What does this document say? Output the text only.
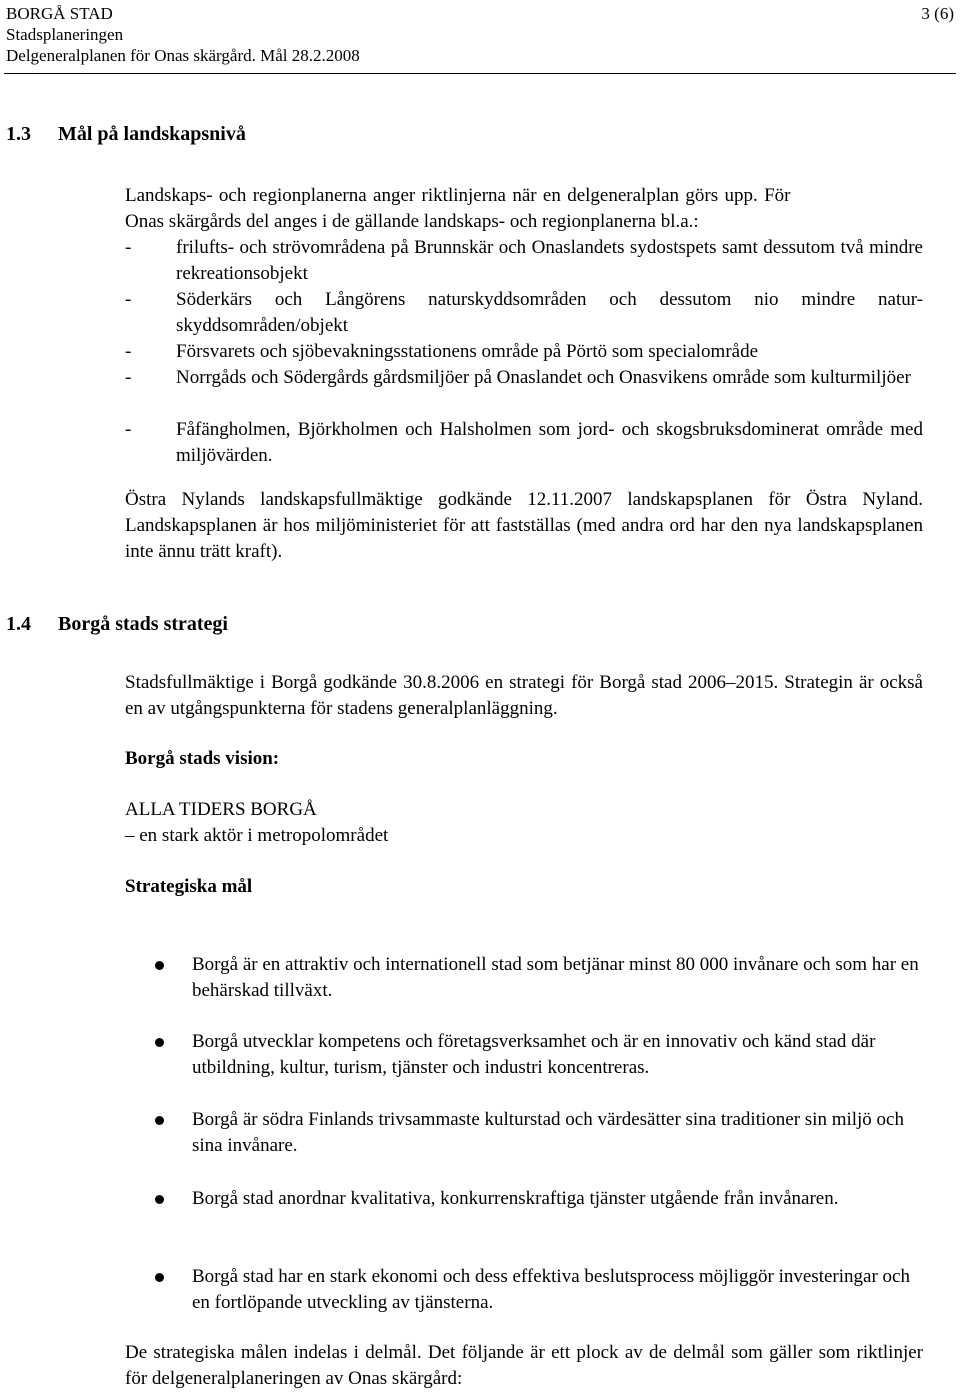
BORGÅ STAD
Stadsplaneringen
Delgeneralplanen för Onas skärgård. Mål 28.2.2008
3 (6)
1.3 Mål på landskapsnivå
Landskaps- och regionplanerna anger riktlinjerna när en delgeneralplan görs upp. För
Onas skärgårds del anges i de gällande landskaps- och regionplanerna bl.a.:
- frilufts- och strövområdena på Brunnskär och Onaslandets sydostspets samt dessutom två mindre rekreationsobjekt
- Söderkärs och Långörens naturskyddsområden och dessutom nio mindre natur-skyddsområden/objekt
- Försvarets och sjöbevakningsstationens område på Pörtö som specialområde
- Norrgåds och Södergårds gårdsmiljöer på Onaslandet och Onasvikens område som kulturmiljöer
- Fåfängholmen, Björkholmen och Halsholmen som jord- och skogsbruksdominerat område med miljövärden.
Östra Nylands landskapsfullmäktige godkände 12.11.2007 landskapsplanen för Östra Nyland. Landskapsplanen är hos miljöministeriet för att fastställas (med andra ord har den nya landskapsplanen inte ännu trätt kraft).
1.4 Borgå stads strategi
Stadsfullmäktige i Borgå godkände 30.8.2006 en strategi för Borgå stad 2006–2015. Strategin är också en av utgångspunkterna för stadens generalplanläggning.
Borgå stads vision:
ALLA TIDERS BORGÅ
– en stark aktör i metropolområdet
Strategiska mål
Borgå är en attraktiv och internationell stad som betjänar minst 80 000 invånare och som har en behärskad tillväxt.
Borgå utvecklar kompetens och företagsverksamhet och är en innovativ och känd stad där utbildning, kultur, turism, tjänster och industri koncentreras.
Borgå är södra Finlands trivsammaste kulturstad och värdesätter sina traditioner sin miljö och sina invånare.
Borgå stad anordnar kvalitativa, konkurrenskraftiga tjänster utgående från invånaren.
Borgå stad har en stark ekonomi och dess effektiva beslutsprocess möjliggör investeringar och en fortlöpande utveckling av tjänsterna.
De strategiska målen indelas i delmål. Det följande är ett plock av de delmål som gäller som riktlinjer för delgeneralplaneringen av Onas skärgård:
